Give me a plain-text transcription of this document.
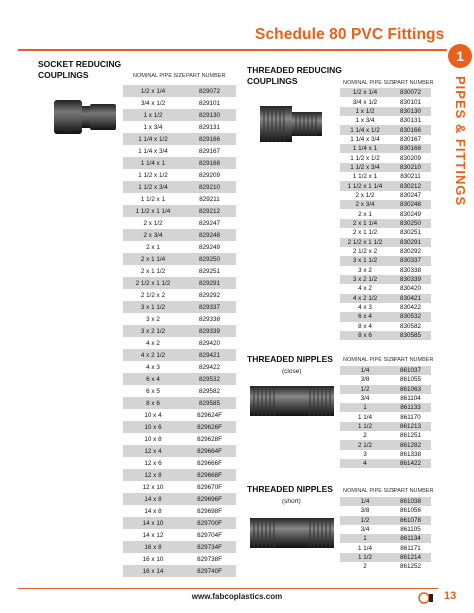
Schedule 80 PVC Fittings
1
PIPES & FITTINGS
SOCKET REDUCING
COUPLINGS	NOMINAL PIPE SIZE PART NUMBER
1/2 x 1/4	829072
3/4 x 1/2	829101
1 x 1/2	829130
1 x 3/4	829131
1 1/4 x 1/2	829166
1 1/4 x 3/4	829167
1 1/4 x 1	829168
1 1/2 x 1/2	829209
1 1/2 x 3/4	829210
1 1/2 x 1	829211
1 1/2 x 1 1/4	829212
2 x 1/2	829247
2 x 3/4	829248
2 x 1	829249
2 x 1 1/4	829250
2 x 1 1/2	829251
2 1/2 x 1 1/2	829291
2 1/2 x 2	829292
3 x 1 1/2	829337
3 x 2	829338
3 x 2 1/2	829339
4 x 2	829420
4 x 2 1/2	829421
4 x 3	829422
6 x 4	829532
6 x 5	829582
8 x 6	829585
10 x 4	829624F
10 x 6	829626F
10 x 8	829628F
12 x 4	829664F
12 x 6	829666F
12 x 8	829668F
12 x 10	829670F
14 x 8	829696F
14 x 8	829698F
14 x 10	829700F
14 x 12	829704F
16 x 8	829734F
16 x 10	829738F
16 x 14	829740F
THREADED REDUCING
COUPLINGS	NOMINAL PIPE SIZE
PART NUMBER
1/2 x 1/4	830072
3/4 x 1/2	830101
1 x 1/2	830130
1 x 3/4	830131
1 1/4 x 1/2	830166
1 1/4 x 3/4	830167
1 1/4 x 1	830168
1 1/2 x 1/2	830209
1 1/2 x 3/4	830210
1 1/2 x 1	830211
1 1/2 x 1 1/4	830212
2 x 1/2	830247
2 x 3/4	830248
2 x 1	830249
2 x 1 1/4	830250
2 x 1 1/2	830251
2 1/2 x 1 1/2	830291
2 1/2 x 2	830292
3 x 1 1/2	830337
3 x 2	830338
3 x 2 1/2	830339
4 x 2	830420
4 x 2 1/2	830421
4 x 3	830422
6 x 4	830532
8 x 4	830582
8 x 6	830585
THREADED NIPPLES NOMINAL PIPE SIZE
PART NUMBER
(close)	1/4	861037
3/8	861055
1/2	861063
3/4	861104
1	861133
1 1/4	861170
1 1/2	861213
2	861251
2 1/2	861282
3	861338
4	861422
THREADED NIPPLES NOMINAL PIPE SIZE
PART NUMBER
(short)	1/4	861038
3/8	861056
1/2	861078
3/4	861105
1	861134
1 1/4	861171
1 1/2	861214
2	861252
www.fabcoplastics.com	13
